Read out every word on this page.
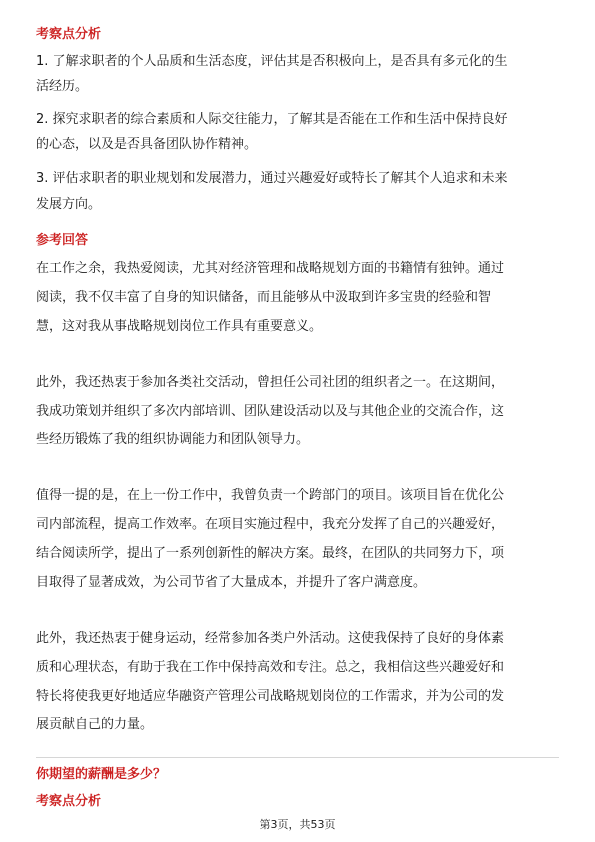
考察点分析
1. 了解求职者的个人品质和生活态度，评估其是否积极向上，是否具有多元化的生
活经历。
2. 探究求职者的综合素质和人际交往能力，了解其是否能在工作和生活中保持良好
的心态，以及是否具备团队协作精神。
3. 评估求职者的职业规划和发展潜力，通过兴趣爱好或特长了解其个人追求和未来
发展方向。
参考回答
在工作之余，我热爱阅读，尤其对经济管理和战略规划方面的书籍情有独钟。通过
阅读，我不仅丰富了自身的知识储备，而且能够从中汲取到许多宝贵的经验和智
慧，这对我从事战略规划岗位工作具有重要意义。
此外，我还热衷于参加各类社交活动，曾担任公司社团的组织者之一。在这期间，
我成功策划并组织了多次内部培训、团队建设活动以及与其他企业的交流合作，这
些经历锻炼了我的组织协调能力和团队领导力。
值得一提的是，在上一份工作中，我曾负责一个跨部门的项目。该项目旨在优化公
司内部流程，提高工作效率。在项目实施过程中，我充分发挥了自己的兴趣爱好，
结合阅读所学，提出了一系列创新性的解决方案。最终，在团队的共同努力下，项
目取得了显著成效，为公司节省了大量成本，并提升了客户满意度。
此外，我还热衷于健身运动，经常参加各类户外活动。这使我保持了良好的身体素
质和心理状态，有助于我在工作中保持高效和专注。总之，我相信这些兴趣爱好和
特长将使我更好地适应华融资产管理公司战略规划岗位的工作需求，并为公司的发
展贡献自己的力量。
你期望的薪酬是多少？
考察点分析
第3页，共53页
